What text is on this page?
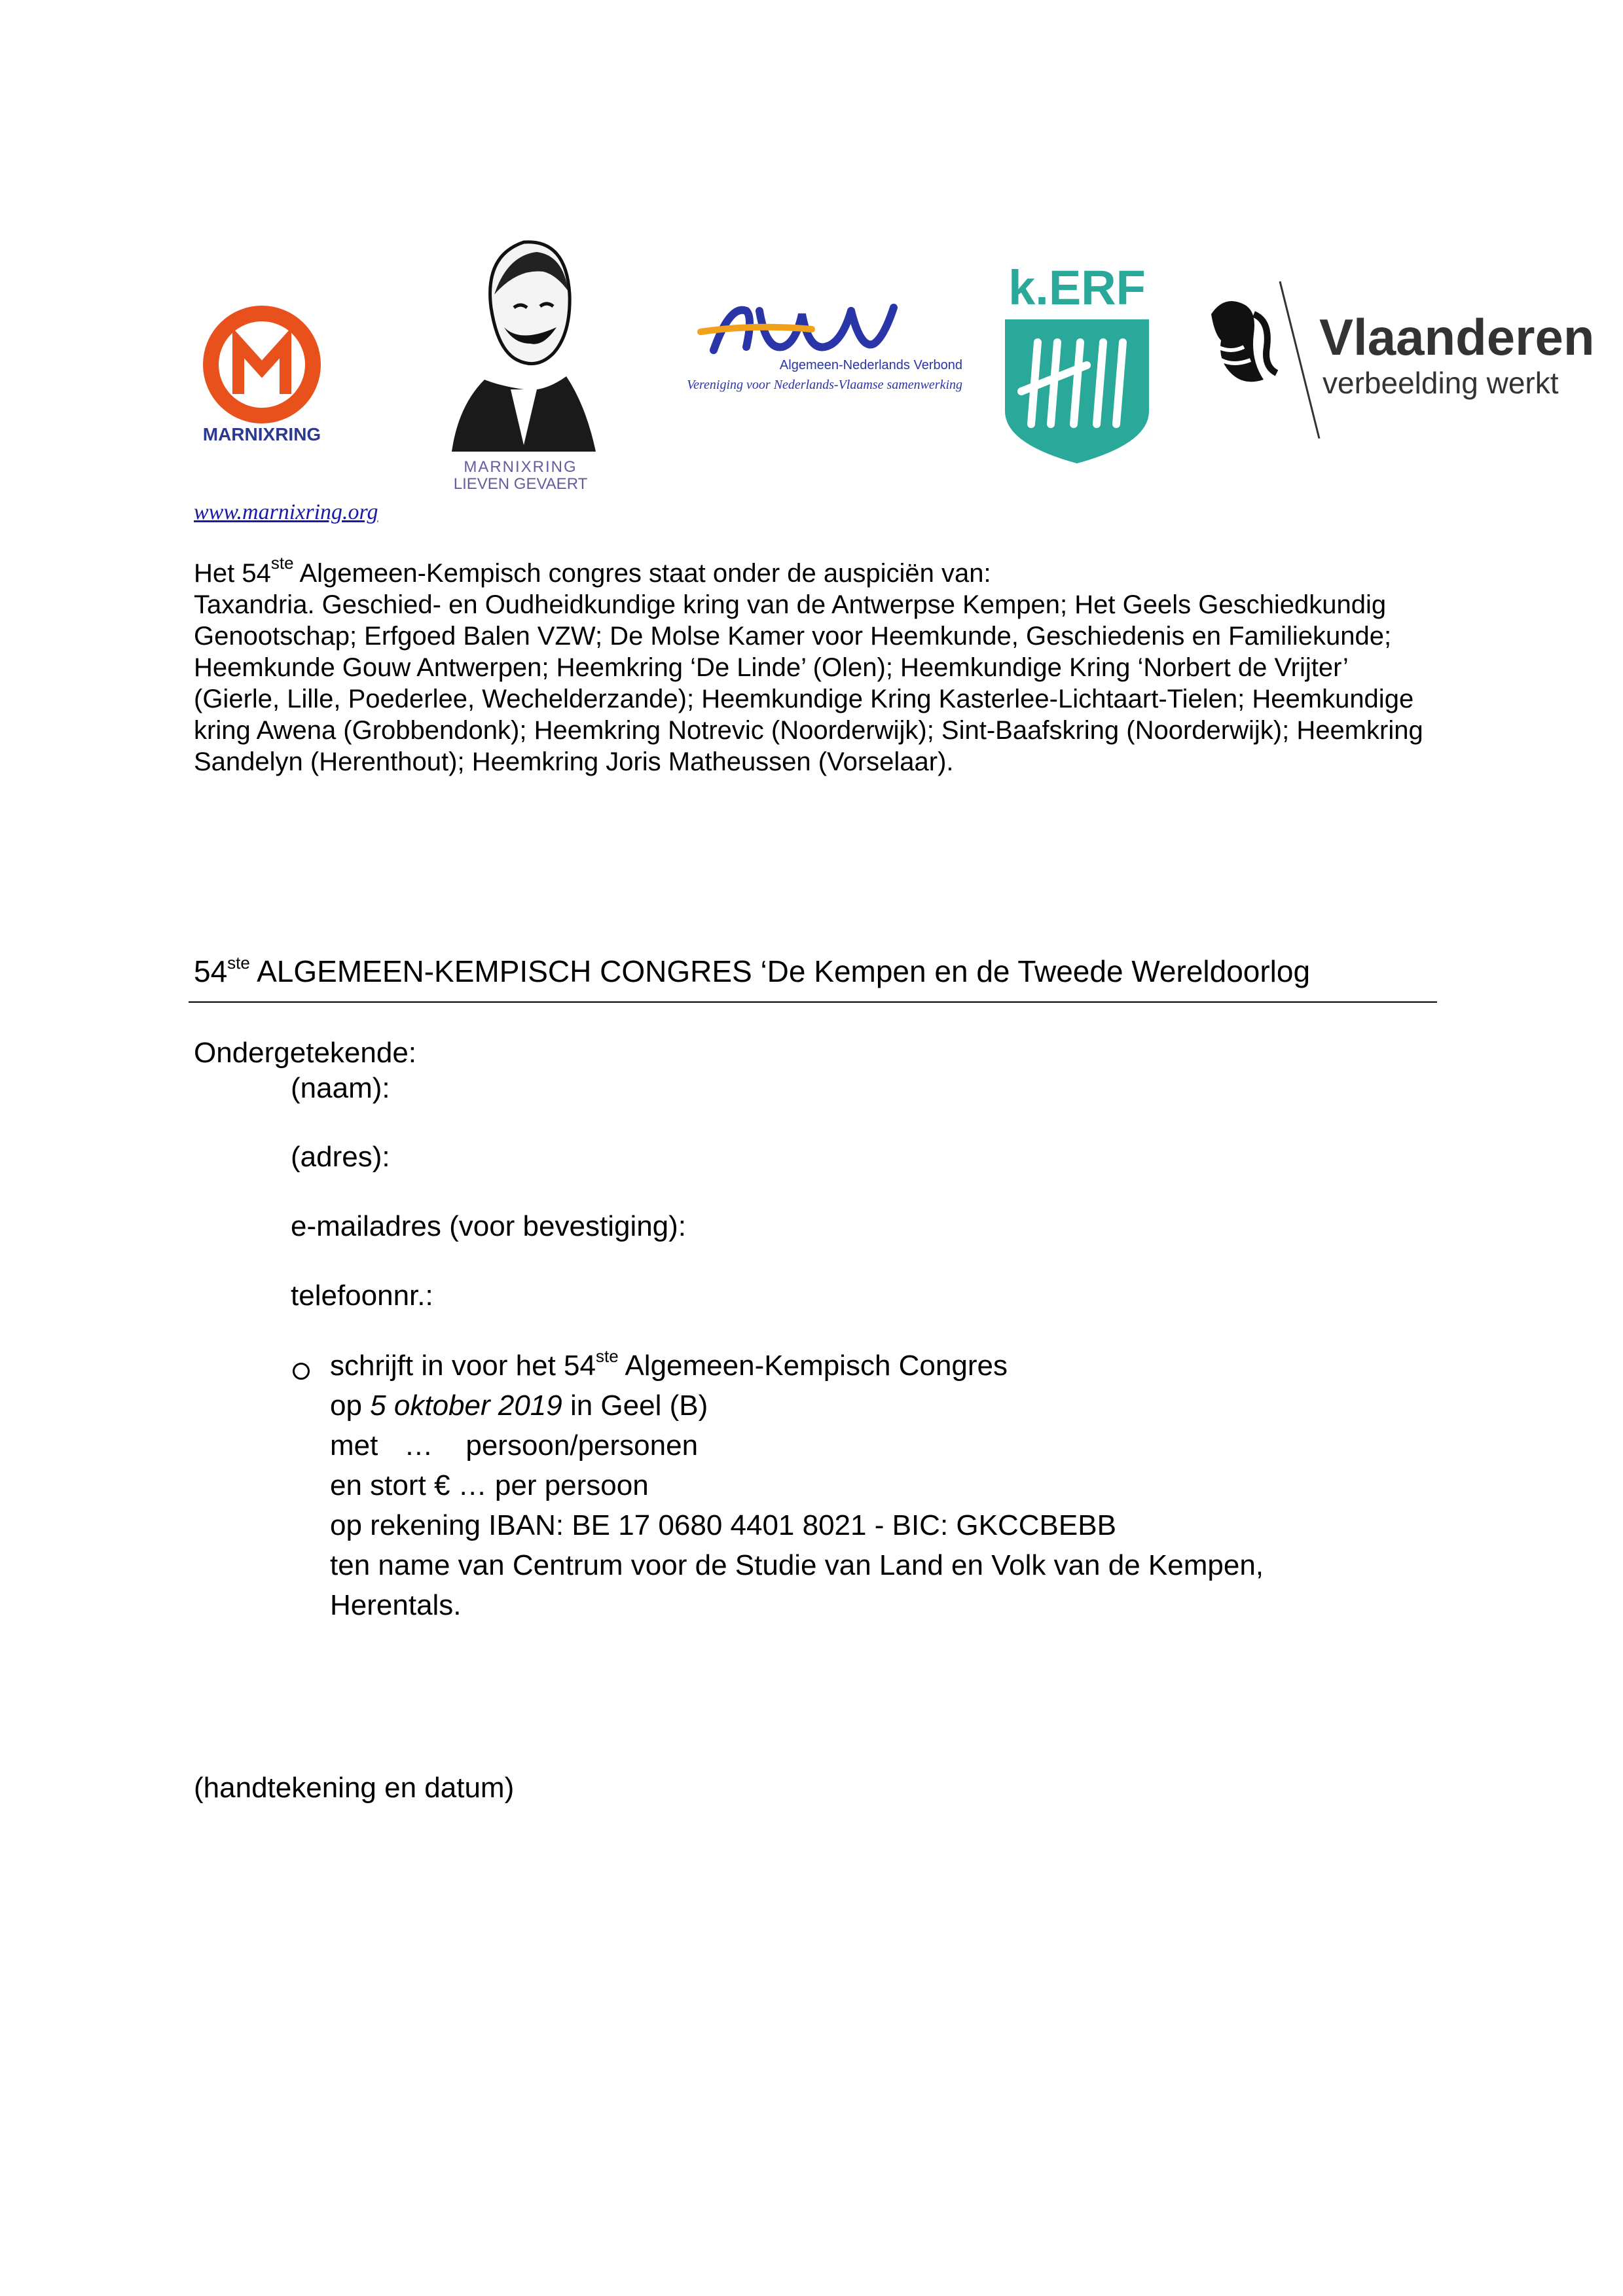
MARNIXRING
MARNIXRING
LIEVEN GEVAERT
Algemeen-Nederlands Verbond
Vereniging voor Nederlands-Vlaamse samenwerking
k.ERF
Vlaanderen
verbeelding werkt
www.marnixring.org
Het 54ste Algemeen-Kempisch congres staat onder de auspiciën van:
Taxandria. Geschied- en Oudheidkundige kring van de Antwerpse Kempen; Het Geels Geschiedkundig Genootschap; Erfgoed Balen VZW; De Molse Kamer voor Heemkunde, Geschiedenis en Familiekunde; Heemkunde Gouw Antwerpen; Heemkring ‘De Linde’ (Olen); Heemkundige Kring ‘Norbert de Vrijter’ (Gierle, Lille, Poederlee, Wechelderzande); Heemkundige Kring Kasterlee-Lichtaart-Tielen; Heemkundige kring Awena (Grobbendonk); Heemkring Notrevic (Noorderwijk); Sint-Baafskring (Noorderwijk); Heemkring Sandelyn (Herenthout); Heemkring Joris Matheussen (Vorselaar).
54ste ALGEMEEN-KEMPISCH CONGRES ‘De Kempen en de Tweede Wereldoorlog
Ondergetekende:
(naam):
(adres):
e-mailadres (voor bevestiging):
telefoonnr.:
schrijft in voor het 54ste Algemeen-Kempisch Congres
op 5 oktober 2019 in Geel (B)
met … persoon/personen
en stort € … per persoon
op rekening IBAN: BE 17 0680 4401 8021 - BIC: GKCCBEBB
ten name van Centrum voor de Studie van Land en Volk van de Kempen,
Herentals.
(handtekening en datum)
